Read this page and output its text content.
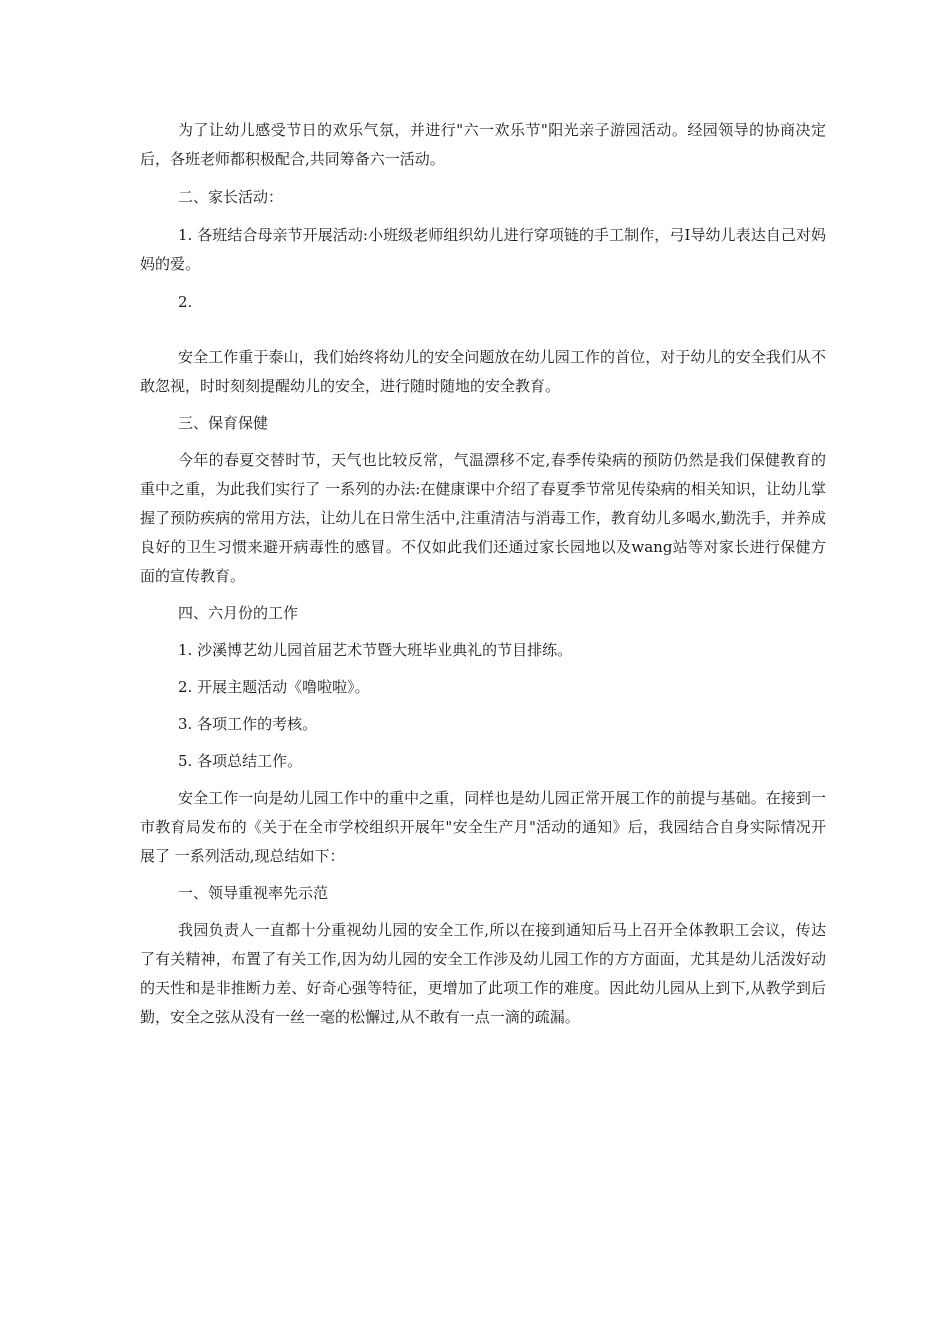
为了让幼儿感受节日的欢乐气氛，并进行"六一欢乐节"阳光亲子游园活动。经园领导的协商决定后，各班老师都积极配合,共同筹备六一活动。

二、家长活动：

1. 各班结合母亲节开展活动:小班级老师组织幼儿进行穿项链的手工制作，弓I导幼儿表达自己对妈妈的爱。

2.

安全工作重于泰山，我们始终将幼儿的安全问题放在幼儿园工作的首位，对于幼儿的安全我们从不敢忽视，时时刻刻提醒幼儿的安全，进行随时随地的安全教育。

三、保育保健

今年的春夏交替时节，天气也比较反常，气温漂移不定,春季传染病的预防仍然是我们保健教育的重中之重，为此我们实行了 一系列的办法:在健康课中介绍了春夏季节常见传染病的相关知识，让幼儿掌握了预防疾病的常用方法，让幼儿在日常生活中,注重清洁与消毒工作，教育幼儿多喝水,勤洗手，并养成良好的卫生习惯来避开病毒性的感冒。不仅如此我们还通过家长园地以及wang站等对家长进行保健方面的宣传教育。

四、六月份的工作

1. 沙溪博艺幼儿园首届艺术节暨大班毕业典礼的节目排练。

2. 开展主题活动《噜啦啦》。

3. 各项工作的考核。

5. 各项总结工作。

安全工作一向是幼儿园工作中的重中之重，同样也是幼儿园正常开展工作的前提与基础。在接到一市教育局发布的《关于在全市学校组织开展年"安全生产月"活动的通知》后，我园结合自身实际情况开展了 一系列活动,现总结如下：

一、领导重视率先示范

我园负责人一直都十分重视幼儿园的安全工作,所以在接到通知后马上召开全体教职工会议，传达了有关精神，布置了有关工作,因为幼儿园的安全工作涉及幼儿园工作的方方面面，尤其是幼儿活泼好动的天性和是非推断力差、好奇心强等特征，更增加了此项工作的难度。因此幼儿园从上到下,从教学到后勤，安全之弦从没有一丝一毫的松懈过,从不敢有一点一滴的疏漏。
